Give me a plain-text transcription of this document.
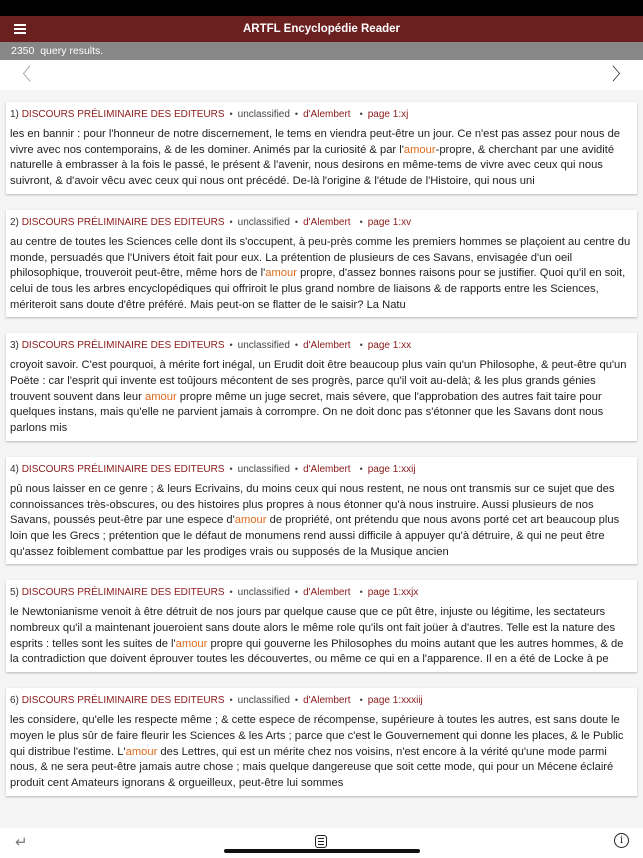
ARTFL Encyclopédie Reader
2350 query results.
〈	〉
1) DISCOURS PRÉLIMINAIRE DES EDITEURS • unclassified • d'Alembert • page 1:xj
les en bannir : pour l'honneur de notre discernement, le tems en viendra peut-être un jour. Ce n'est pas assez pour nous de vivre avec nos contemporains, & de les dominer. Animés par la curiosité & par l'amour-propre, & cherchant par une avidité naturelle à embrasser à la fois le passé, le présent & l'avenir, nous desirons en même-tems de vivre avec ceux qui nous suivront, & d'avoir vêcu avec ceux qui nous ont précédé. De-là l'origine & l'étude de l'Histoire, qui nous uni
2) DISCOURS PRÉLIMINAIRE DES EDITEURS • unclassified • d'Alembert • page 1:xv
au centre de toutes les Sciences celle dont ils s'occupent, à peu-près comme les premiers hommes se plaçoient au centre du monde, persuadés que l'Univers étoit fait pour eux. La prétention de plusieurs de ces Savans, envisagée d'un oeil philosophique, trouveroit peut-être, même hors de l'amour propre, d'assez bonnes raisons pour se justifier. Quoi qu'il en soit, celui de tous les arbres encyclopédiques qui offriroit le plus grand nombre de liaisons & de rapports entre les Sciences, mériteroit sans doute d'être préféré. Mais peut-on se flatter de le saisir? La Natu
3) DISCOURS PRÉLIMINAIRE DES EDITEURS • unclassified • d'Alembert • page 1:xx
croyoit savoir. C'est pourquoi, à mérite fort inégal, un Erudit doit être beaucoup plus vain qu'un Philosophe, & peut-être qu'un Poëte : car l'esprit qui invente est toûjours mécontent de ses progrès, parce qu'il voit au-delà; & les plus grands génies trouvent souvent dans leur amour propre même un juge secret, mais sévere, que l'approbation des autres fait taire pour quelques instans, mais qu'elle ne parvient jamais à corrompre. On ne doit donc pas s'étonner que les Savans dont nous parlons mis
4) DISCOURS PRÉLIMINAIRE DES EDITEURS • unclassified • d'Alembert • page 1:xxij
pû nous laisser en ce genre ; & leurs Ecrivains, du moins ceux qui nous restent, ne nous ont transmis sur ce sujet que des connoissances très-obscures, ou des histoires plus propres à nous étonner qu'à nous instruire. Aussi plusieurs de nos Savans, poussés peut-être par une espece d'amour de propriété, ont prétendu que nous avons porté cet art beaucoup plus loin que les Grecs ; prétention que le défaut de monumens rend aussi difficile à appuyer qu'à détruire, & qui ne peut être qu'assez foiblement combattue par les prodiges vrais ou supposés de la Musique ancien
5) DISCOURS PRÉLIMINAIRE DES EDITEURS • unclassified • d'Alembert • page 1:xxjx
le Newtonianisme venoit à être détruit de nos jours par quelque cause que ce pût être, injuste ou légitime, les sectateurs nombreux qu'il a maintenant joueroient sans doute alors le même role qu'ils ont fait joüer à d'autres. Telle est la nature des esprits : telles sont les suites de l'amour propre qui gouverne les Philosophes du moins autant que les autres hommes, & de la contradiction que doivent éprouver toutes les découvertes, ou même ce qui en a l'apparence. Il en a été de Locke à pe
6) DISCOURS PRÉLIMINAIRE DES EDITEURS • unclassified • d'Alembert • page 1:xxxiij
les considere, qu'elle les respecte même ; & cette espece de récompense, supérieure à toutes les autres, est sans doute le moyen le plus sûr de faire fleurir les Sciences & les Arts ; parce que c'est le Gouvernement qui donne les places, & le Public qui distribue l'estime. L'amour des Lettres, qui est un mérite chez nos voisins, n'est encore à la vérité qu'une mode parmi nous, & ne sera peut-être jamais autre chose ; mais quelque dangereuse que soit cette mode, qui pour un Mécene éclairé produit cent Amateurs ignorans & orgueilleux, peut-être lui sommes
↵	i
